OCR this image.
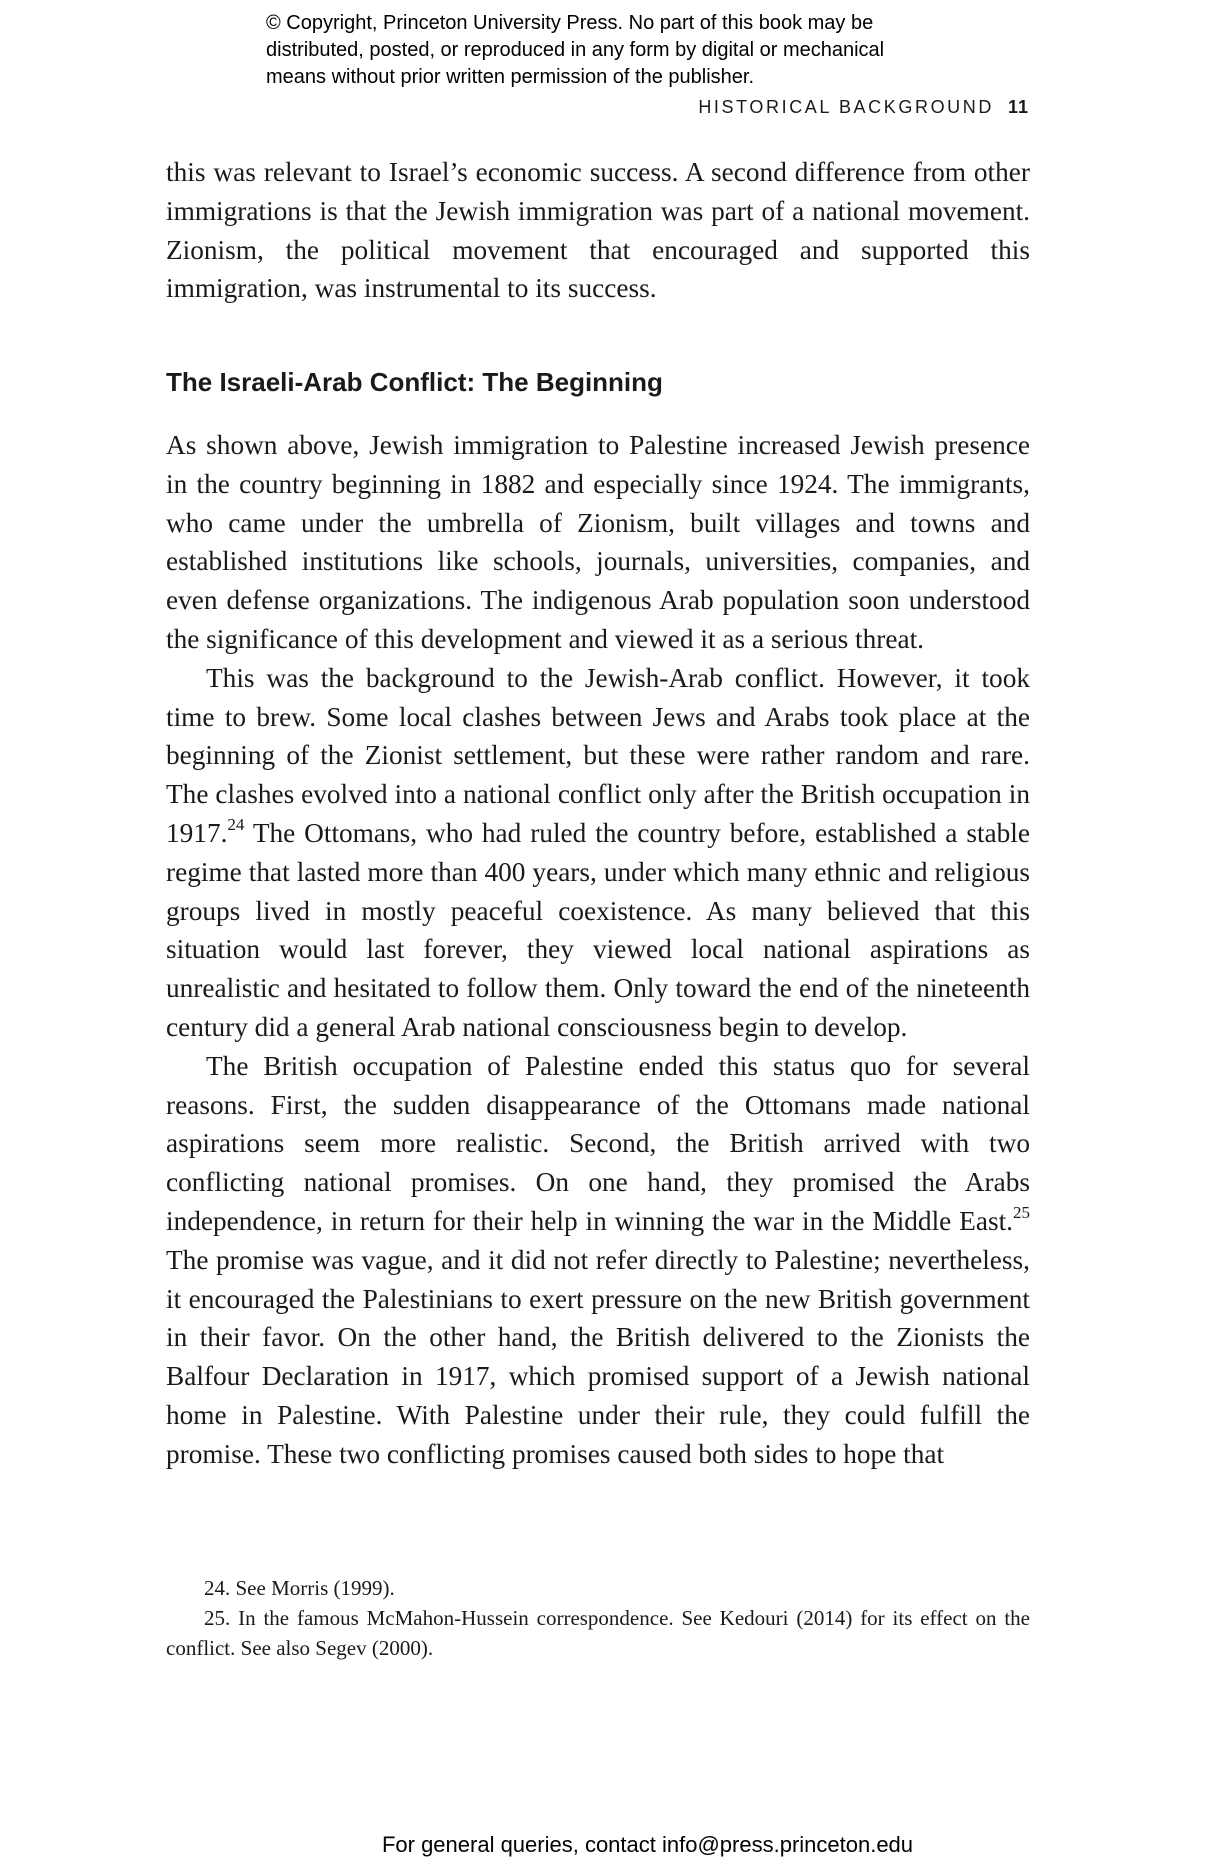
© Copyright, Princeton University Press. No part of this book may be
distributed, posted, or reproduced in any form by digital or mechanical
means without prior written permission of the publisher.
HISTORICAL BACKGROUND 11

this was relevant to Israel’s economic success. A second difference from other immigrations is that the Jewish immigration was part of a national movement. Zionism, the political movement that encouraged and supported this immigration, was instrumental to its success.

The Israeli-Arab Conflict: The Beginning

As shown above, Jewish immigration to Palestine increased Jewish presence in the country beginning in 1882 and especially since 1924. The immigrants, who came under the umbrella of Zionism, built villages and towns and established institutions like schools, journals, universities, companies, and even defense organizations. The indigenous Arab population soon understood the significance of this development and viewed it as a serious threat.

This was the background to the Jewish-Arab conflict. However, it took time to brew. Some local clashes between Jews and Arabs took place at the beginning of the Zionist settlement, but these were rather random and rare. The clashes evolved into a national conflict only after the British occupation in 1917.24 The Ottomans, who had ruled the country before, established a stable regime that lasted more than 400 years, under which many ethnic and religious groups lived in mostly peaceful coexistence. As many believed that this situation would last forever, they viewed local national aspirations as unrealistic and hesitated to follow them. Only toward the end of the nineteenth century did a general Arab national consciousness begin to develop.

The British occupation of Palestine ended this status quo for several reasons. First, the sudden disappearance of the Ottomans made national aspirations seem more realistic. Second, the British arrived with two conflicting national promises. On one hand, they promised the Arabs independence, in return for their help in winning the war in the Middle East.$^{25}$ The promise was vague, and it did not refer directly to Palestine; nevertheless, it encouraged the Palestinians to exert pressure on the new British government in their favor. On the other hand, the British delivered to the Zionists the Balfour Declaration in 1917, which promised support of a Jewish national home in Palestine. With Palestine under their rule, they could fulfill the promise. These two conflicting promises caused both sides to hope that

24. See Morris (1999).

25. In the famous McMahon-Hussein correspondence. See Kedouri (2014) for its effect on the conflict. See also Segev (2000).

For general queries, contact info@press.princeton.edu
